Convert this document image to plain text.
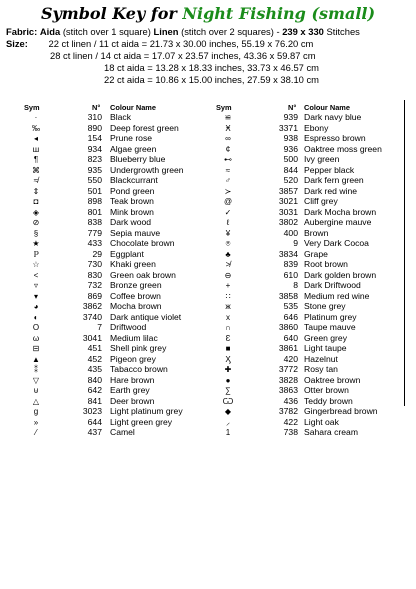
Symbol Key for Night Fishing (small)
Fabric: Aida (stitch over 1 square) Linen (stitch over 2 squares) - 239 x 330 Stitches
Size: 22 ct linen / 11 ct aida = 21.73 x 30.00 inches, 55.19 x 76.20 cm
28 ct linen / 14 ct aida = 17.07 x 23.57 inches, 43.36 x 59.87 cm
18 ct aida = 13.28 x 18.33 inches, 33.73 x 46.57 cm
22 ct aida = 10.86 x 15.00 inches, 27.59 x 38.10 cm
Sym	N° Colour Name
·	310 Black
‰	890 Deep forest green
◂	154 Prune rose
ш	934 Algae green
¶	823 Blueberry blue
⌘	935 Undergrowth green
≉	550 Blackcurrant
⇕	501 Pond green
◘	898 Teak brown
◈	801 Mink brown
⊘	838 Dark wood
§	779 Sepia mauve
★	433 Chocolate brown
ℙ	29 Eggplant
☆	730 Khaki green
<	830 Green oak brown
▿	732 Bronze green
▾	869 Coffee brown
◕	3862 Mocha brown
◐	3740 Dark antique violet
O	7 Driftwood
ω	3041 Medium lilac
⊟	451 Shell pink grey
▲	452 Pigeon grey
⁑	435 Tabacco brown
▽	840 Hare brown
⊍	642 Earth grey
△	841 Deer brown
g	3023 Light platinum grey
»	644 Light green grey
⁄	437 Camel
Sym	N° Colour Name
≌	939 Dark navy blue
Ӿ	3371 Ebony
∞	938 Espresso brown
¢	936 Oaktree moss green
⊷	500 Ivy green
≈	844 Pepper black
♂	520 Dark fern green
≻	3857 Dark red wine
@	3021 Cliff grey
✓	3031 Dark Mocha brown
ℓ	3802 Aubergine mauve
¥	400 Brown
⍟	9 Very Dark Cocoa
♣	3834 Grape
≯	839 Root brown
⊖	610 Dark golden brown
+	8 Dark Driftwood
∷	3858 Medium red wine
ж	535 Stone grey
x	646 Platinum grey
∩	3860 Taupe mauve
Ɛ	640 Green grey
■	3861 Light taupe
Ӽ	420 Hazelnut
✚	3772 Rosy tan
●	3828 Oaktree brown
∑	3863 Otter brown
Ѡ	436 Teddy brown
◆	3782 Gingerbread brown
⸝	422 Light oak
1	738 Sahara cream
